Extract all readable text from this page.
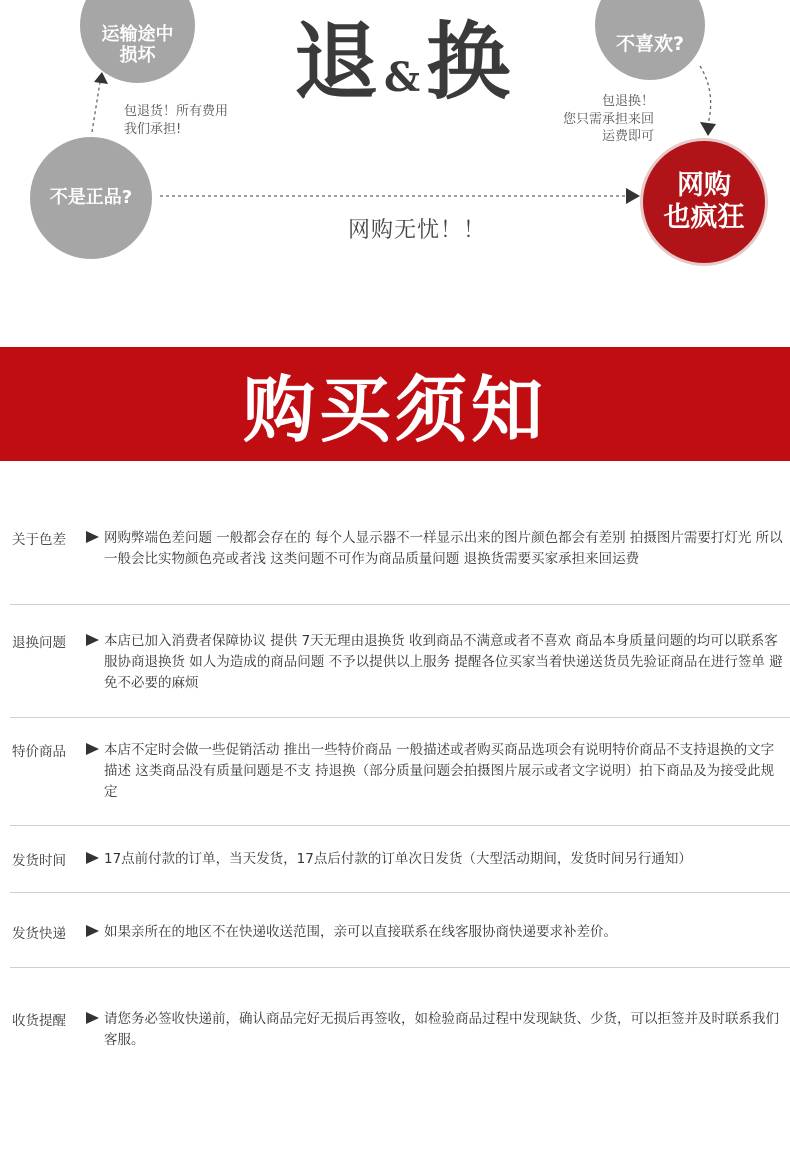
运输途中
损坏
不是正品?
不喜欢?
网购
也疯狂
退 & 换
包退货！所有费用
我们承担!
包退换！
您只需承担来回
运费即可
网购无忧！！
购买须知
关于色差	网购弊端色差问题 一般都会存在的 每个人显示器不一样显示出来的图片颜色都会有差别 拍摄图片需要打灯光 所以一般会比实物颜色亮或者浅 这类问题不可作为商品质量问题 退换货需要买家承担来回运费
退换问题	本店已加入消费者保障协议 提供 7天无理由退换货 收到商品不满意或者不喜欢 商品本身质量问题的均可以联系客服协商退换货 如人为造成的商品问题 不予以提供以上服务 提醒各位买家当着快递送货员先验证商品在进行签单 避免不必要的麻烦
特价商品	本店不定时会做一些促销活动 推出一些特价商品 一般描述或者购买商品选项会有说明特价商品不支持退换的文字描述 这类商品没有质量问题是不支 持退换（部分质量问题会拍摄图片展示或者文字说明）拍下商品及为接受此规定
发货时间	17点前付款的订单，当天发货，17点后付款的订单次日发货（大型活动期间，发货时间另行通知）
发货快递	如果亲所在的地区不在快递收送范围，亲可以直接联系在线客服协商快递要求补差价。
收货提醒	请您务必签收快递前，确认商品完好无损后再签收，如检验商品过程中发现缺货、少货，可以拒签并及时联系我们客服。
